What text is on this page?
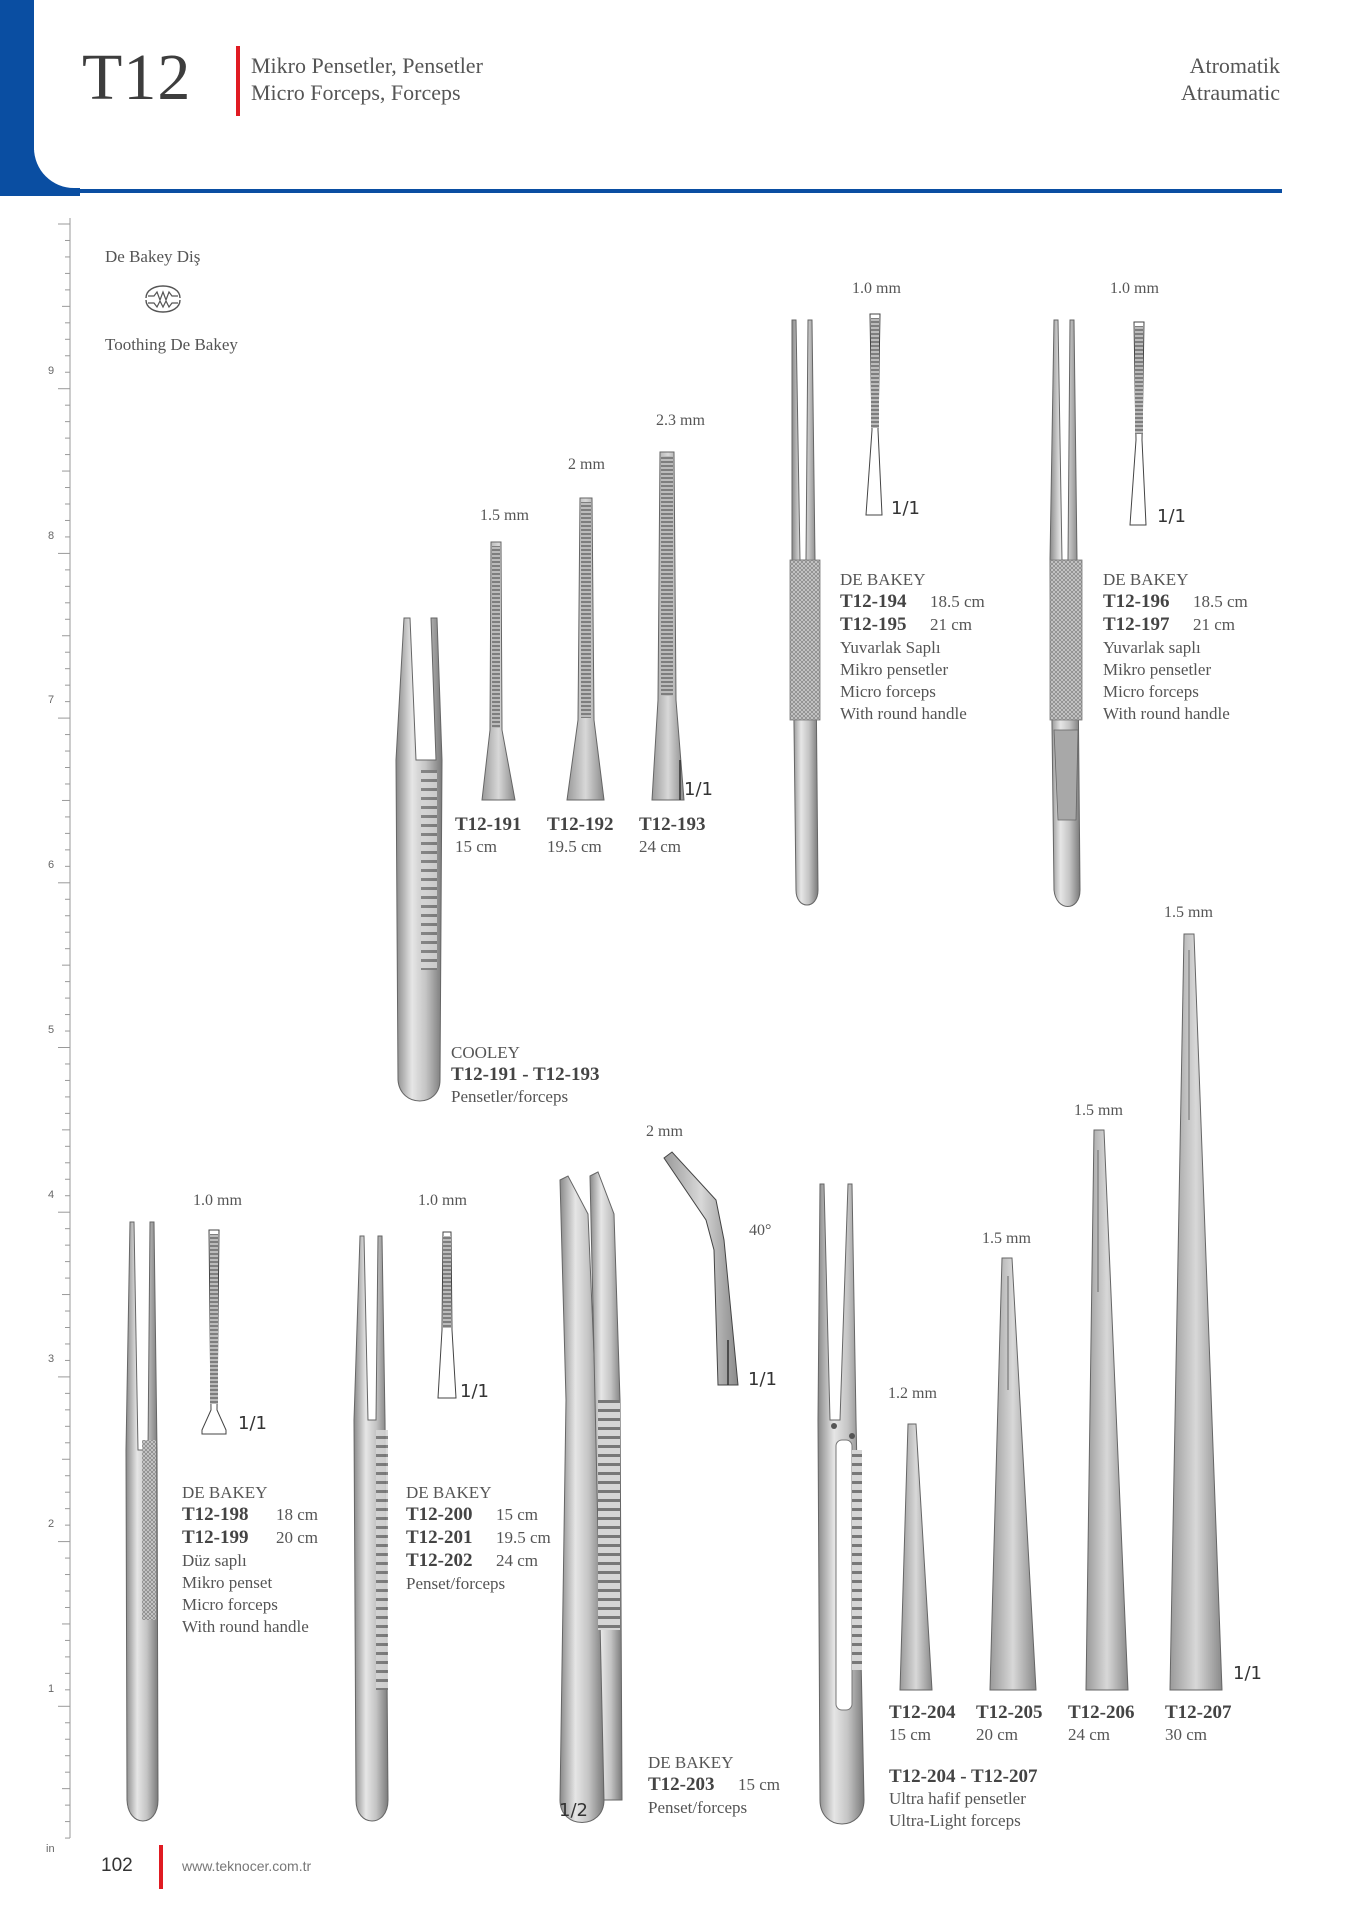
T12	Mikro Pensetler, Pensetler
Micro Forceps, Forceps
Atromatik
Atraumatic
9
8
7
6
5
4
3
2
1
in
De Bakey Diş
Toothing De Bakey
1.5 mm
2 mm
2.3 mm
1/1
T12-191
15 cm
T12-192
19.5 cm
T12-193
24 cm
COOLEY
T12-191 - T12-193
Pensetler/forceps
1.0 mm
1/1
DE BAKEY
T12-194 18.5 cm
T12-195 21 cm
Yuvarlak Saplı
Mikro pensetler
Micro forceps
With round handle
1.0 mm
1/1
DE BAKEY
T12-196 18.5 cm
T12-197 21 cm
Yuvarlak saplı
Mikro pensetler
Micro forceps
With round handle
1.0 mm
1/1
DE BAKEY
T12-198 18 cm
T12-199 20 cm
Düz saplı
Mikro penset
Micro forceps
With round handle
1.0 mm
1/1
DE BAKEY
T12-200 15 cm
T12-201 19.5 cm
T12-202 24 cm
Penset/forceps
2 mm
40°
1/1
1/2
DE BAKEY
T12-203 15 cm
Penset/forceps
1.2 mm
1.5 mm
1.5 mm
1.5 mm
1/1
T12-204
15 cm
T12-205
20 cm
T12-206
24 cm
T12-207
30 cm
T12-204 - T12-207
Ultra hafif pensetler
Ultra-Light forceps
102	www.teknocer.com.tr
